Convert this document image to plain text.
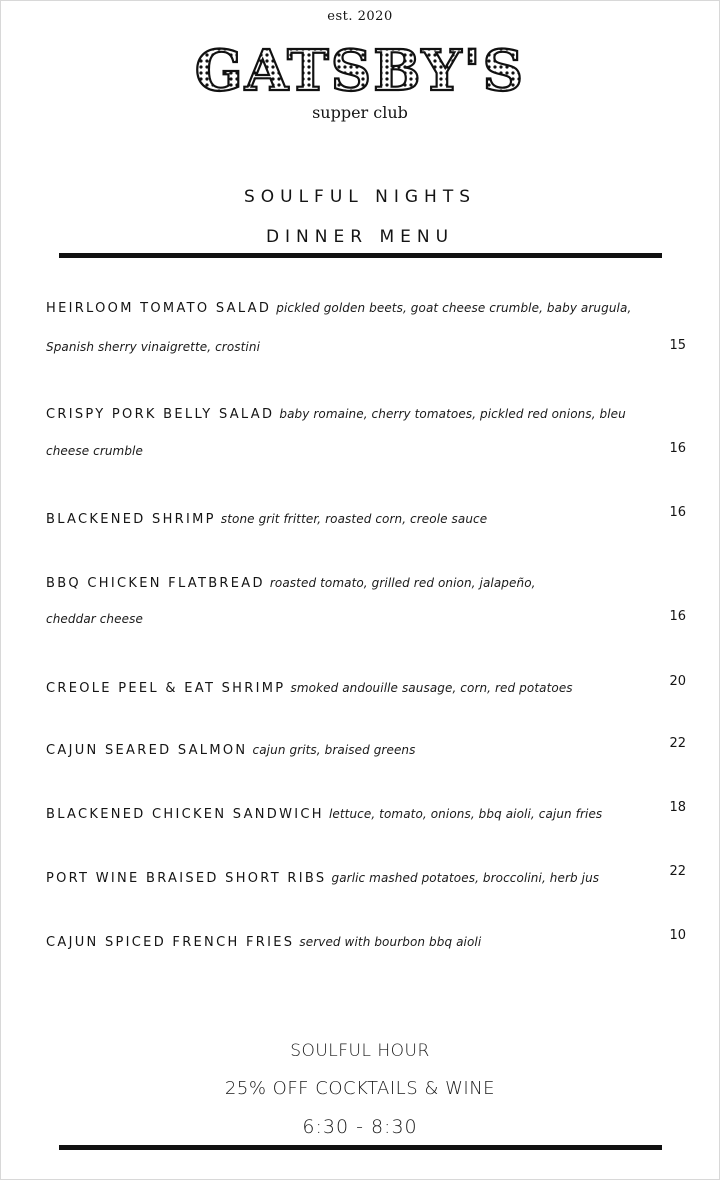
est. 2020
GATSBY'S
supper club
SOULFUL NIGHTS
DINNER MENU
HEIRLOOM TOMATO SALAD pickled golden beets, goat cheese crumble, baby arugula,
Spanish sherry vinaigrette, crostini	15
CRISPY PORK BELLY SALAD baby romaine, cherry tomatoes, pickled red onions, bleu
cheese crumble	16
BLACKENED SHRIMP stone grit fritter, roasted corn, creole sauce	16
BBQ CHICKEN FLATBREAD roasted tomato, grilled red onion, jalapeño,
cheddar cheese	16
CREOLE PEEL & EAT SHRIMP smoked andouille sausage, corn, red potatoes	20
CAJUN SEARED SALMON cajun grits, braised greens	22
BLACKENED CHICKEN SANDWICH lettuce, tomato, onions, bbq aioli, cajun fries	18
PORT WINE BRAISED SHORT RIBS garlic mashed potatoes, broccolini, herb jus	22
CAJUN SPICED FRENCH FRIES served with bourbon bbq aioli	10
SOULFUL HOUR
25% OFF COCKTAILS & WINE
6:30 - 8:30
